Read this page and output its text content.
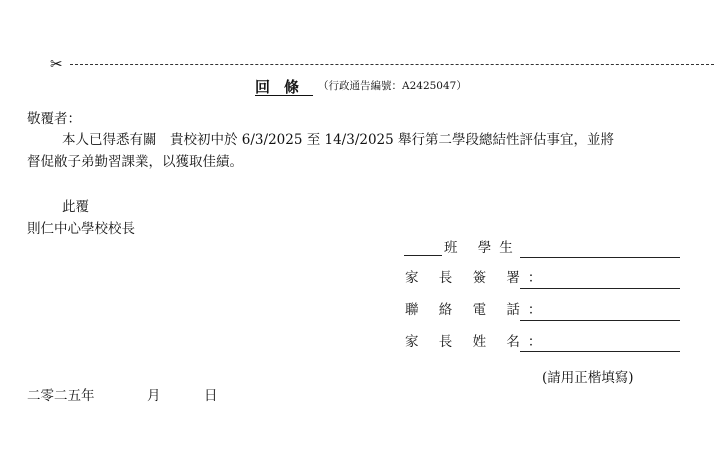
✂
回條 （行政通告編號：A2425047）
敬覆者：
本人已得悉有關　貴校初中於 6/3/2025 至 14/3/2025 舉行第二學段總結性評估事宜，並將
督促敝子弟勤習課業，以獲取佳績。
此覆
則仁中心學校校長
班 學生
家 長 簽 署：
聯 絡 電 話：
家 長 姓 名：
(請用正楷填寫)
二零二五年	月	日
